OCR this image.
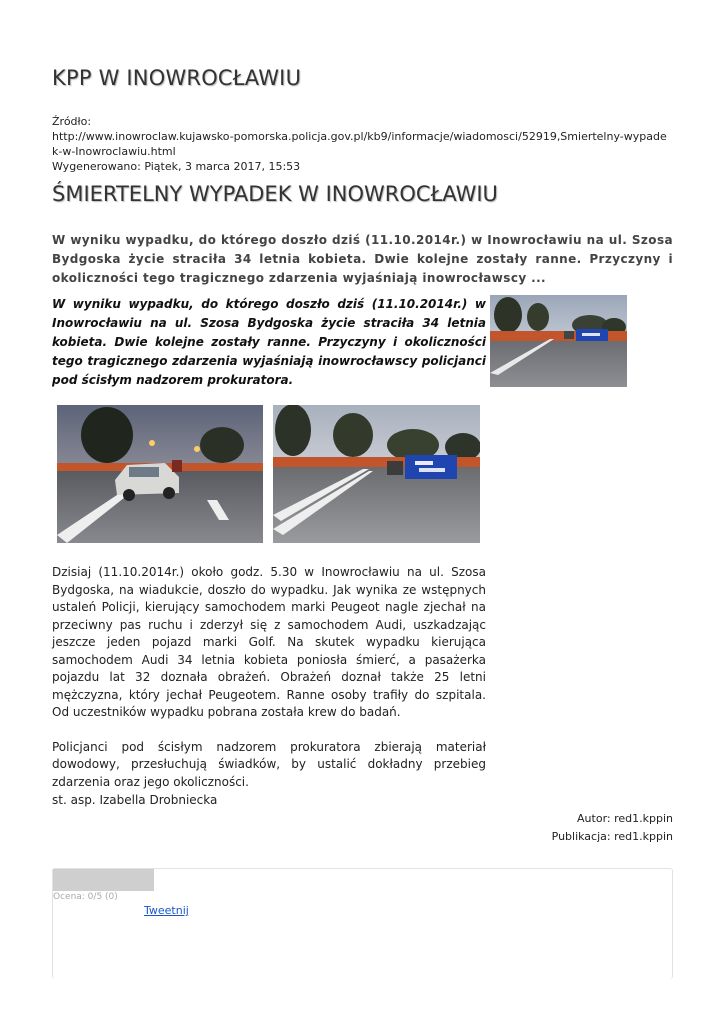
KPP W INOWROCŁAWIU
Źródło:
http://www.inowroclaw.kujawsko-pomorska.policja.gov.pl/kb9/informacje/wiadomosci/52919,Smiertelny-wypadek-w-Inowroclawiu.html
Wygenerowano: Piątek, 3 marca 2017, 15:53
ŚMIERTELNY WYPADEK W INOWROCŁAWIU
W wyniku wypadku, do którego doszło dziś (11.10.2014r.) w Inowrocławiu na ul. Szosa Bydgoska życie straciła 34 letnia kobieta. Dwie kolejne zostały ranne. Przyczyny i okoliczności tego tragicznego zdarzenia wyjaśniają inowrocławscy ...
W wyniku wypadku, do którego doszło dziś (11.10.2014r.) w Inowrocławiu na ul. Szosa Bydgoska życie straciła 34 letnia kobieta. Dwie kolejne zostały ranne. Przyczyny i okoliczności tego tragicznego zdarzenia wyjaśniają inowrocławscy policjanci pod ścisłym nadzorem prokuratora.

Dzisiaj (11.10.2014r.) około godz. 5.30 w Inowrocławiu na ul. Szosa Bydgoska, na wiadukcie, doszło do wypadku. Jak wynika ze wstępnych ustaleń Policji, kierujący samochodem marki Peugeot nagle zjechał na przeciwny pas ruchu i zderzył się z samochodem Audi, uszkadzając jeszcze jeden pojazd marki Golf. Na skutek wypadku kierująca samochodem Audi 34 letnia kobieta poniosła śmierć, a pasażerka pojazdu lat 32 doznała obrażeń. Obrażeń doznał także 25 letni mężczyzna, który jechał Peugeotem. Ranne osoby trafiły do szpitala. Od uczestników wypadku pobrana została krew do badań.

Policjanci pod ścisłym nadzorem prokuratora zbierają materiał dowodowy, przesłuchują świadków, by ustalić dokładny przebieg zdarzenia oraz jego okoliczności.

st. asp. Izabella Drobniecka
Autor: red1.kppin
Publikacja: red1.kppin
Ocena: 0/5 (0)
Tweetnij
